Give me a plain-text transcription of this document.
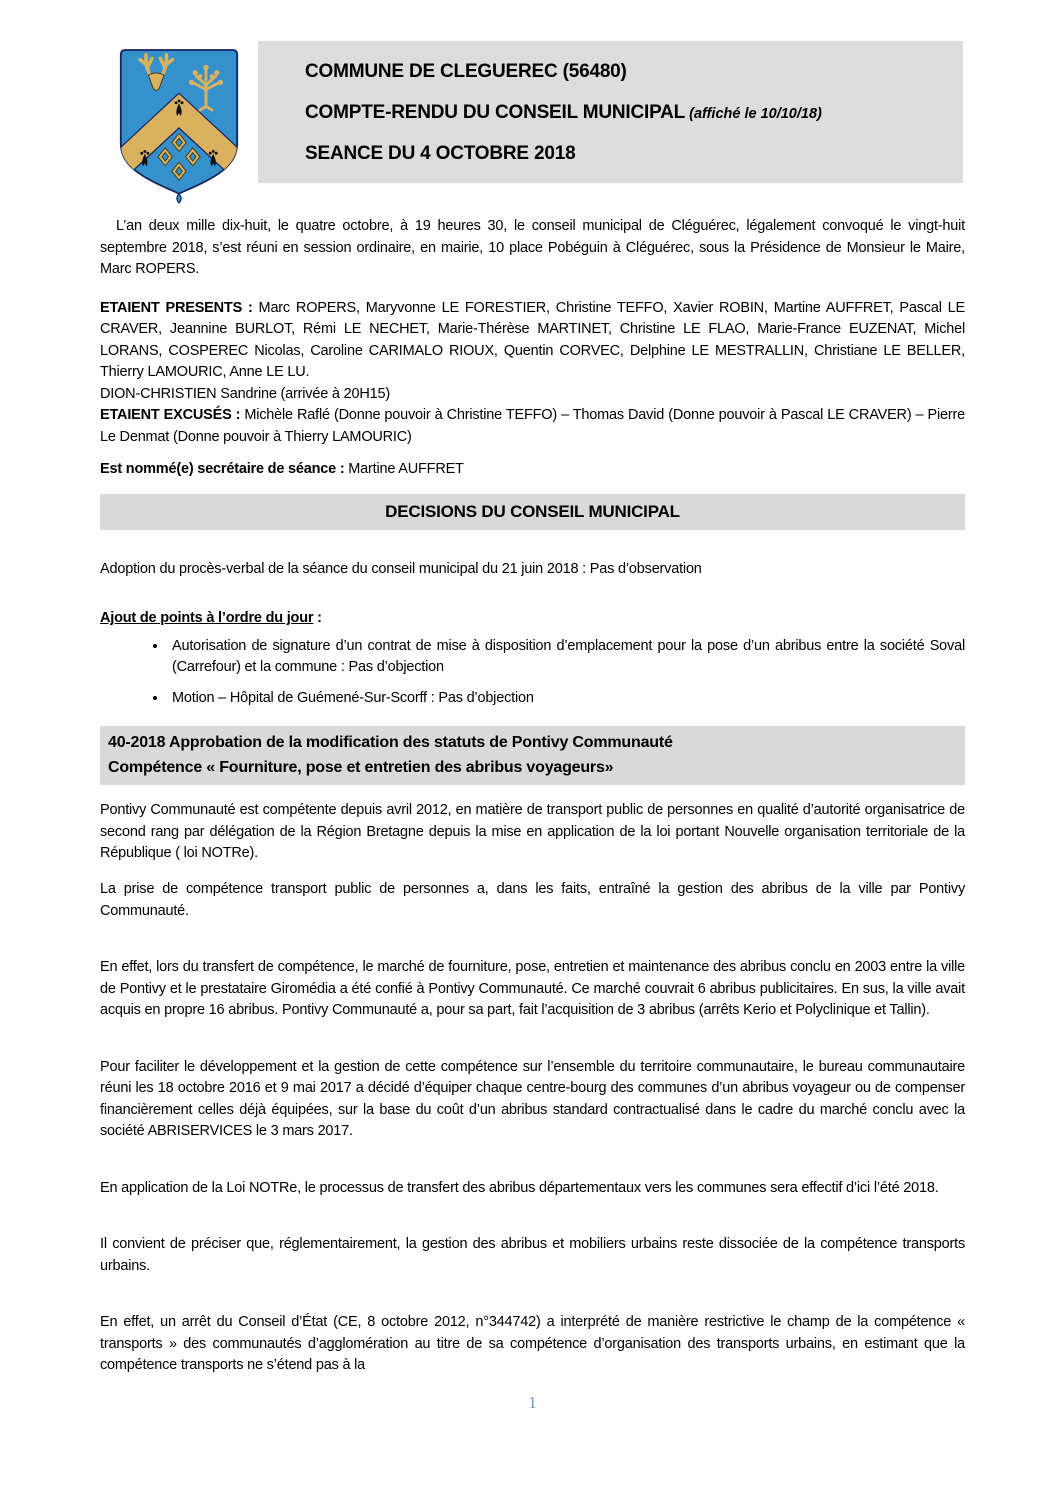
COMMUNE DE CLEGUEREC (56480)
COMPTE-RENDU DU CONSEIL MUNICIPAL (affiché le 10/10/18)
SEANCE DU 4 OCTOBRE 2018

L’an deux mille dix-huit, le quatre octobre, à 19 heures 30, le conseil municipal de Cléguérec, légalement convoqué le vingt-huit septembre 2018, s’est réuni en session ordinaire, en mairie, 10 place Pobéguin à Cléguérec, sous la Présidence de Monsieur le Maire, Marc ROPERS.

ETAIENT PRESENTS : Marc ROPERS, Maryvonne LE FORESTIER, Christine TEFFO, Xavier ROBIN, Martine AUFFRET, Pascal LE CRAVER, Jeannine BURLOT, Rémi LE NECHET, Marie-Thérèse MARTINET, Christine LE FLAO, Marie-France EUZENAT, Michel LORANS, COSPEREC Nicolas, Caroline CARIMALO RIOUX, Quentin CORVEC, Delphine LE MESTRALLIN, Christiane LE BELLER, Thierry LAMOURIC, Anne LE LU.
DION-CHRISTIEN Sandrine (arrivée à 20H15)
ETAIENT EXCUSÉS : Michèle Raflé (Donne pouvoir à Christine TEFFO) – Thomas David (Donne pouvoir à Pascal LE CRAVER) – Pierre Le Denmat (Donne pouvoir à Thierry LAMOURIC)
Est nommé(e) secrétaire de séance : Martine AUFFRET
DECISIONS DU CONSEIL MUNICIPAL

Adoption du procès-verbal de la séance du conseil municipal du 21 juin 2018 : Pas d’observation

Ajout de points à l’ordre du jour :
• Autorisation de signature d’un contrat de mise à disposition d’emplacement pour la pose d’un abribus entre la société Soval (Carrefour) et la commune : Pas d’objection
• Motion – Hôpital de Guémené-Sur-Scorff : Pas d’objection
40-2018 Approbation de la modification des statuts de Pontivy Communauté
Compétence « Fourniture, pose et entretien des abribus voyageurs»

Pontivy Communauté est compétente depuis avril 2012, en matière de transport public de personnes en qualité d’autorité organisatrice de second rang par délégation de la Région Bretagne depuis la mise en application de la loi portant Nouvelle organisation territoriale de la République ( loi NOTRe).

La prise de compétence transport public de personnes a, dans les faits, entraîné la gestion des abribus de la ville par Pontivy Communauté.

En effet, lors du transfert de compétence, le marché de fourniture, pose, entretien et maintenance des abribus conclu en 2003 entre la ville de Pontivy et le prestataire Giromédia a été confié à Pontivy Communauté. Ce marché couvrait 6 abribus publicitaires. En sus, la ville avait acquis en propre 16 abribus. Pontivy Communauté a, pour sa part, fait l’acquisition de 3 abribus (arrêts Kerio et Polyclinique et Tallin).

Pour faciliter le développement et la gestion de cette compétence sur l’ensemble du territoire communautaire, le bureau communautaire réuni les 18 octobre 2016 et 9 mai 2017 a décidé d’équiper chaque centre-bourg des communes d’un abribus voyageur ou de compenser financièrement celles déjà équipées, sur la base du coût d’un abribus standard contractualisé dans le cadre du marché conclu avec la société ABRISERVICES le 3 mars 2017.

En application de la Loi NOTRe, le processus de transfert des abribus départementaux vers les communes sera effectif d’ici l’été 2018.

Il convient de préciser que, réglementairement, la gestion des abribus et mobiliers urbains reste dissociée de la compétence transports urbains.

En effet, un arrêt du Conseil d’État (CE, 8 octobre 2012, n°344742) a interprété de manière restrictive le champ de la compétence « transports » des communautés d’agglomération au titre de sa compétence d’organisation des transports urbains, en estimant que la compétence transports ne s’étend pas à la

1
